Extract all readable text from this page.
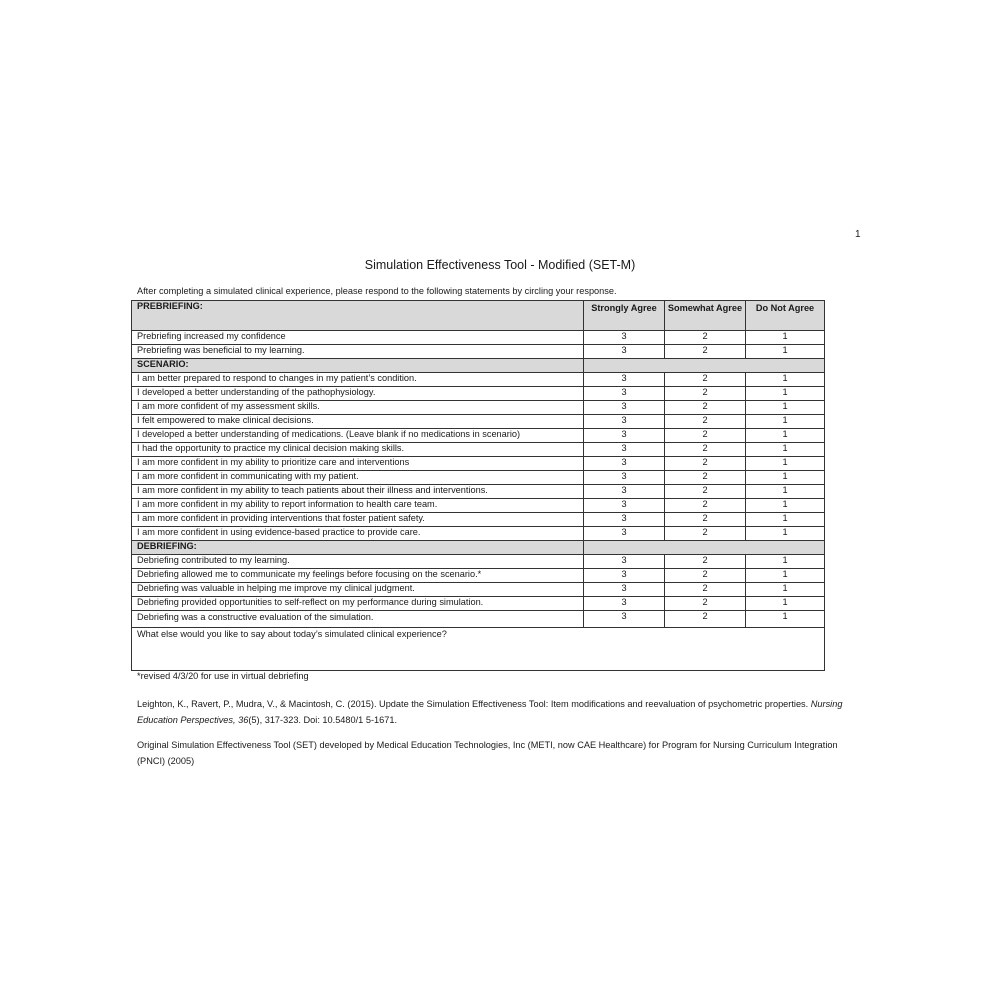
1
Simulation Effectiveness Tool - Modified (SET-M)
After completing a simulated clinical experience, please respond to the following statements by circling your response.
PREBRIEFING:	Strongly Agree	Somewhat Agree	Do Not Agree
Prebriefing increased my confidence	3	2	1
Prebriefing was beneficial to my learning.	3	2	1
SCENARIO:			
I am better prepared to respond to changes in my patient’s condition.	3	2	1
I developed a better understanding of the pathophysiology.	3	2	1
I am more confident of my assessment skills.	3	2	1
I felt empowered to make clinical decisions.	3	2	1
I developed a better understanding of medications. (Leave blank if no medications in scenario)	3	2	1
I had the opportunity to practice my clinical decision making skills.	3	2	1
I am more confident in my ability to prioritize care and interventions	3	2	1
I am more confident in communicating with my patient.	3	2	1
I am more confident in my ability to teach patients about their illness and interventions.	3	2	1
I am more confident in my ability to report information to health care team.	3	2	1
I am more confident in providing interventions that foster patient safety.	3	2	1
I am more confident in using evidence-based practice to provide care.	3	2	1
DEBRIEFING:			
Debriefing contributed to my learning.	3	2	1
Debriefing allowed me to communicate my feelings before focusing on the scenario.*	3	2	1
Debriefing was valuable in helping me improve my clinical judgment.	3	2	1
Debriefing provided opportunities to self-reflect on my performance during simulation.	3	2	1
Debriefing was a constructive evaluation of the simulation.	3	2	1
What else would you like to say about today’s simulated clinical experience?			
*revised 4/3/20 for use in virtual debriefing
Leighton, K., Ravert, P., Mudra, V., & Macintosh, C. (2015). Update the Simulation Effectiveness Tool: Item modifications and reevaluation of psychometric properties. Nursing Education Perspectives, 36(5), 317-323. Doi: 10.5480/1 5-1671.
Original Simulation Effectiveness Tool (SET) developed by Medical Education Technologies, Inc (METI, now CAE Healthcare) for Program for Nursing Curriculum Integration (PNCI) (2005)
